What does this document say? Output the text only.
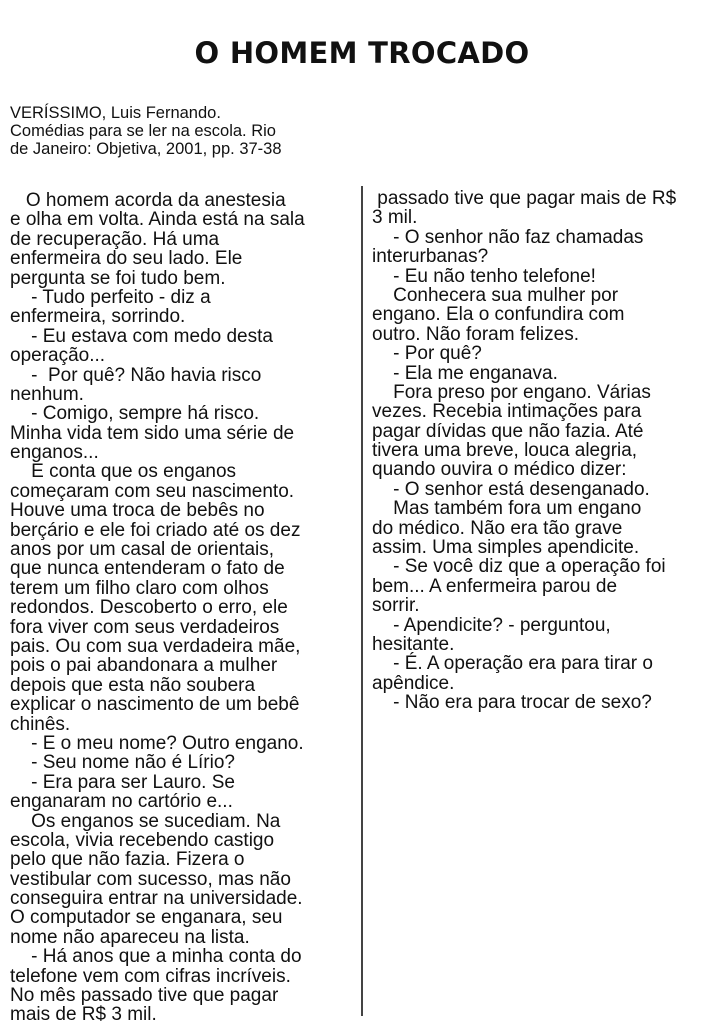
O HOMEM TROCADO
VERÍSSIMO, Luis Fernando.
Comédias para se ler na escola. Rio
de Janeiro: Objetiva, 2001, pp. 37-38
O homem acorda da anestesia
e olha em volta. Ainda está na sala
de recuperação. Há uma
enfermeira do seu lado. Ele
pergunta se foi tudo bem.
- Tudo perfeito - diz a
enfermeira, sorrindo.
- Eu estava com medo desta
operação...
-  Por quê? Não havia risco
nenhum.
- Comigo, sempre há risco.
Minha vida tem sido uma série de
enganos...
E conta que os enganos
começaram com seu nascimento.
Houve uma troca de bebês no
berçário e ele foi criado até os dez
anos por um casal de orientais,
que nunca entenderam o fato de
terem um filho claro com olhos
redondos. Descoberto o erro, ele
fora viver com seus verdadeiros
pais. Ou com sua verdadeira mãe,
pois o pai abandonara a mulher
depois que esta não soubera
explicar o nascimento de um bebê
chinês.
- E o meu nome? Outro engano.
- Seu nome não é Lírio?
- Era para ser Lauro. Se
enganaram no cartório e...
Os enganos se sucediam. Na
escola, vivia recebendo castigo
pelo que não fazia. Fizera o
vestibular com sucesso, mas não
conseguira entrar na universidade.
O computador se enganara, seu
nome não apareceu na lista.
- Há anos que a minha conta do
telefone vem com cifras incríveis.
No mês passado tive que pagar
mais de R$ 3 mil.
passado tive que pagar mais de R$
3 mil.
- O senhor não faz chamadas
interurbanas?
- Eu não tenho telefone!
Conhecera sua mulher por
engano. Ela o confundira com
outro. Não foram felizes.
- Por quê?
- Ela me enganava.
Fora preso por engano. Várias
vezes. Recebia intimações para
pagar dívidas que não fazia. Até
tivera uma breve, louca alegria,
quando ouvira o médico dizer:
- O senhor está desenganado.
Mas também fora um engano
do médico. Não era tão grave
assim. Uma simples apendicite.
- Se você diz que a operação foi
bem... A enfermeira parou de
sorrir.
- Apendicite? - perguntou,
hesitante.
- É. A operação era para tirar o
apêndice.
- Não era para trocar de sexo?
